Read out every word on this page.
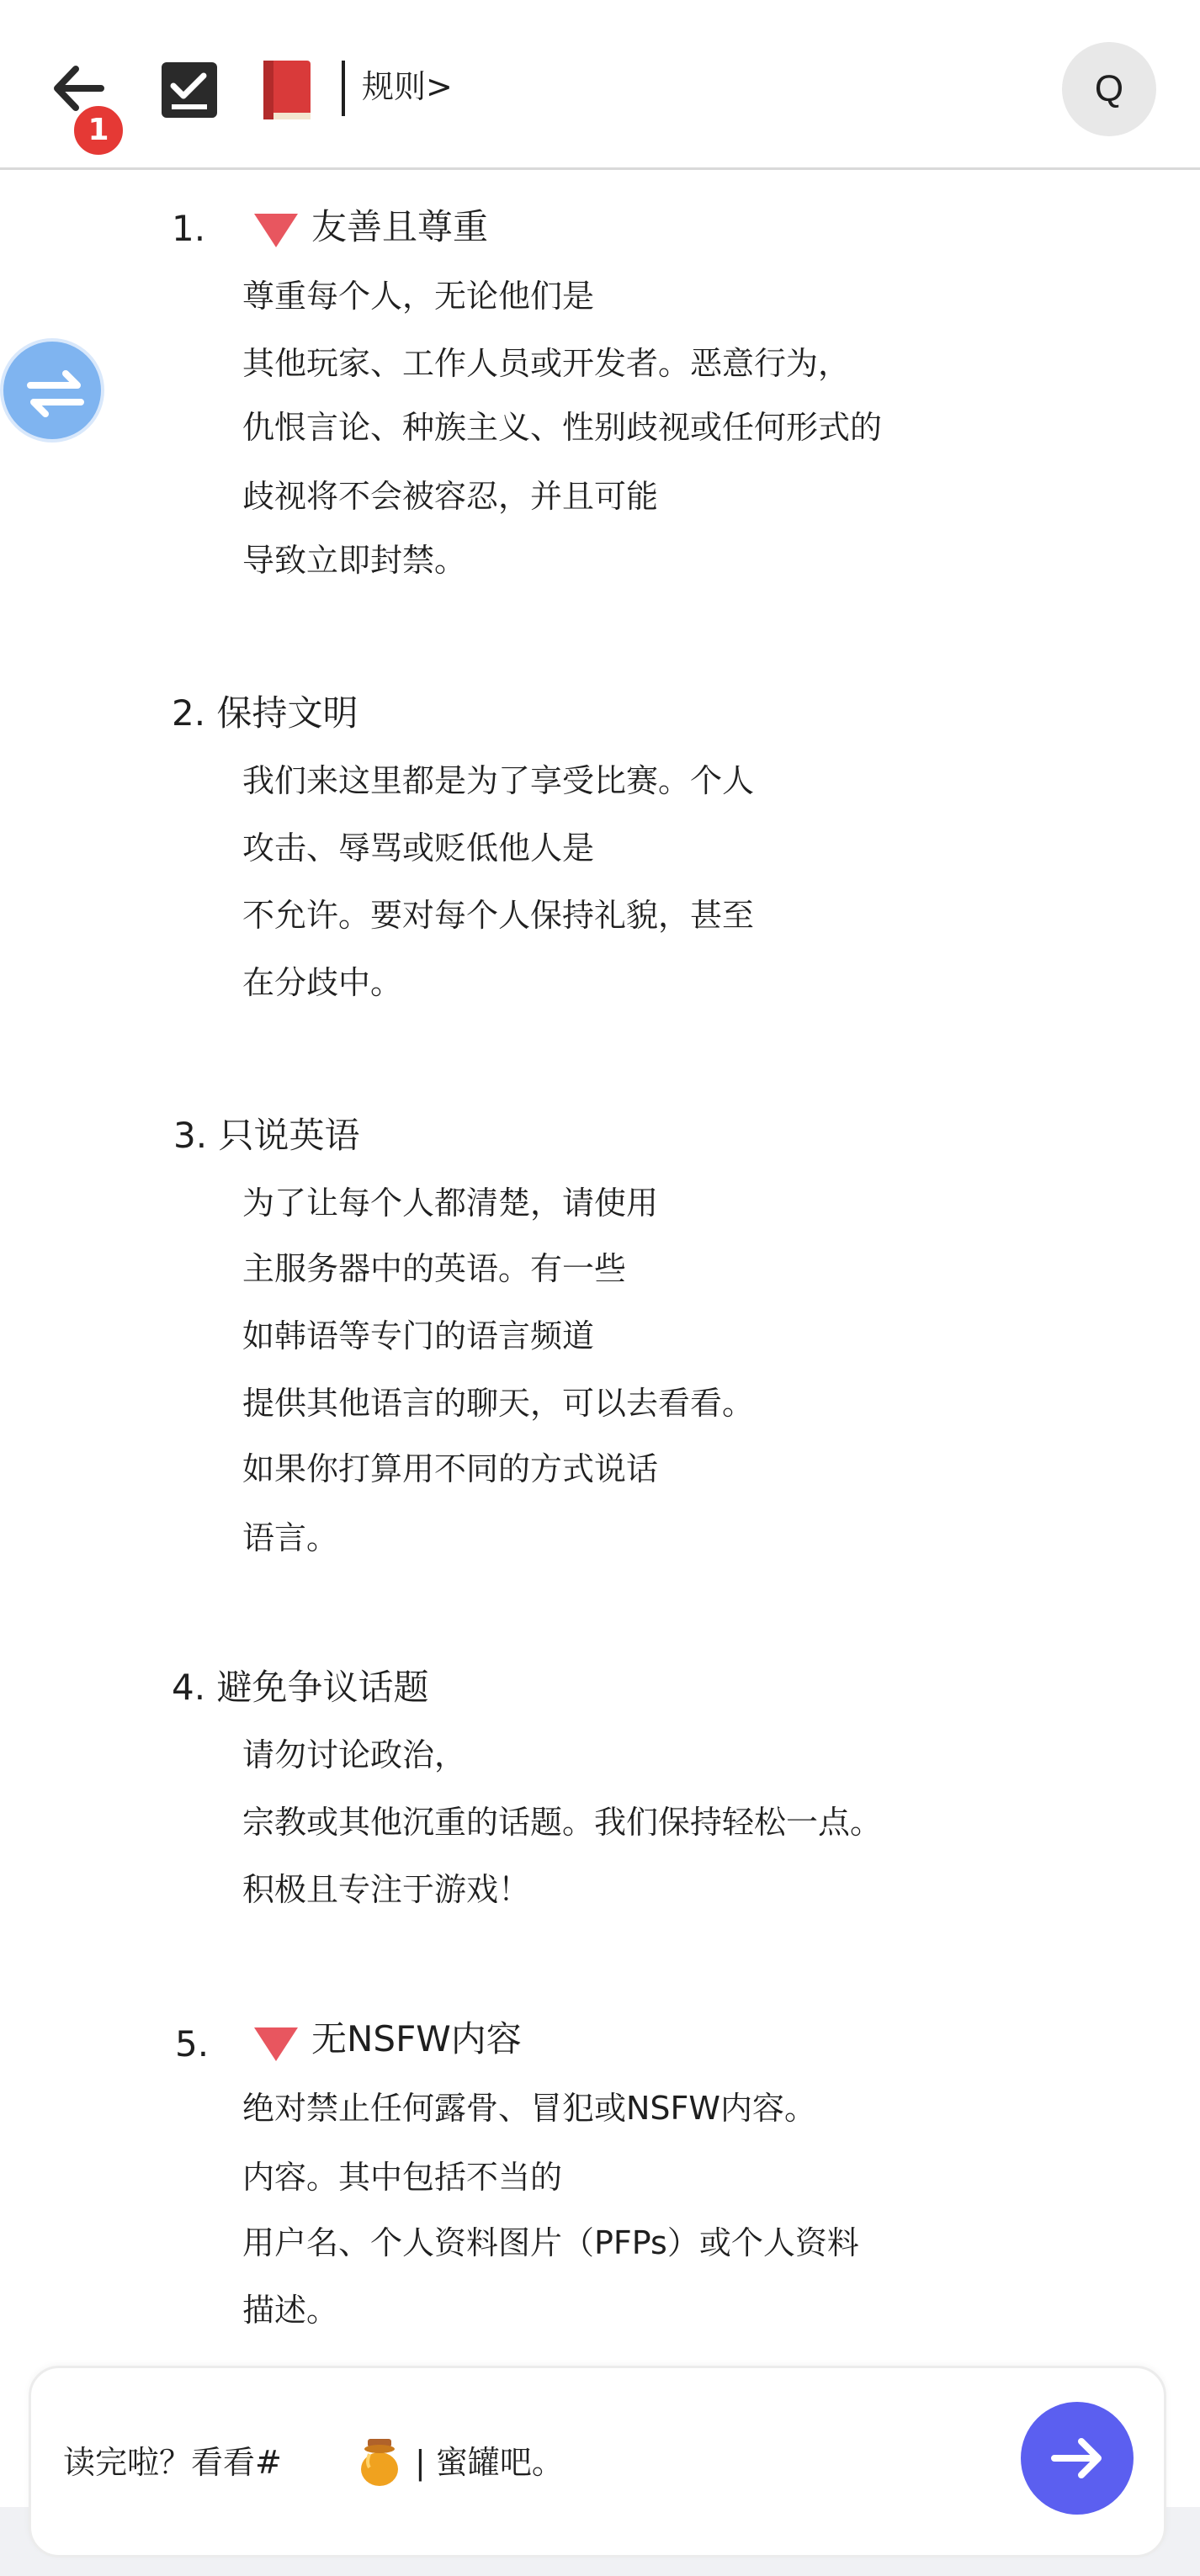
1
规则>	Q
1.	友善且尊重
尊重每个人，无论他们是
其他玩家、工作人员或开发者。恶意行为，
仇恨言论、种族主义、性别歧视或任何形式的
歧视将不会被容忍，并且可能
导致立即封禁。
2. 保持文明
我们来这里都是为了享受比赛。个人
攻击、辱骂或贬低他人是
不允许。要对每个人保持礼貌，甚至
在分歧中。
3. 只说英语
为了让每个人都清楚，请使用
主服务器中的英语。有一些
如韩语等专门的语言频道
提供其他语言的聊天，可以去看看。
如果你打算用不同的方式说话
语言。
4. 避免争议话题
请勿讨论政治，
宗教或其他沉重的话题。我们保持轻松一点。
积极且专注于游戏！
5.	无NSFW内容
绝对禁止任何露骨、冒犯或NSFW内容。
内容。其中包括不当的
用户名、个人资料图片（PFPs）或个人资料
描述。
读完啦？看看#	| 蜜罐吧。
